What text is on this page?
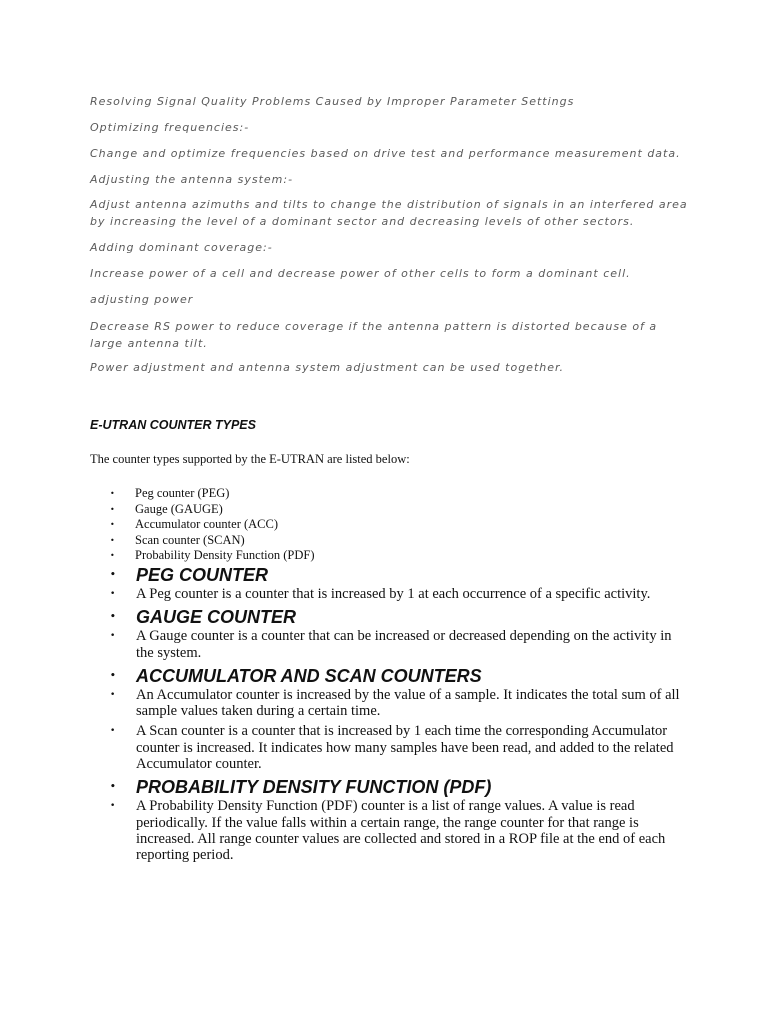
Resolving Signal Quality Problems Caused by Improper Parameter Settings

Optimizing frequencies:-

Change and optimize frequencies based on drive test and performance measurement data.

Adjusting the antenna system:-

Adjust antenna azimuths and tilts to change the distribution of signals in an interfered area by increasing the level of a dominant sector and decreasing levels of other sectors.

Adding dominant coverage:-

Increase power of a cell and decrease power of other cells to form a dominant cell.

adjusting power

Decrease RS power to reduce coverage if the antenna pattern is distorted because of a large antenna tilt.

Power adjustment and antenna system adjustment can be used together.

E-UTRAN COUNTER TYPES

The counter types supported by the E-UTRAN are listed below:

• Peg counter (PEG)
• Gauge (GAUGE)
• Accumulator counter (ACC)
• Scan counter (SCAN)
• Probability Density Function (PDF)
• PEG COUNTER
• A Peg counter is a counter that is increased by 1 at each occurrence of a specific activity.
• GAUGE COUNTER
• A Gauge counter is a counter that can be increased or decreased depending on the activity in the system.
• ACCUMULATOR AND SCAN COUNTERS
• An Accumulator counter is increased by the value of a sample. It indicates the total sum of all sample values taken during a certain time.
• A Scan counter is a counter that is increased by 1 each time the corresponding Accumulator counter is increased. It indicates how many samples have been read, and added to the related Accumulator counter.
• PROBABILITY DENSITY FUNCTION (PDF)
• A Probability Density Function (PDF) counter is a list of range values. A value is read periodically. If the value falls within a certain range, the range counter for that range is increased. All range counter values are collected and stored in a ROP file at the end of each reporting period.
